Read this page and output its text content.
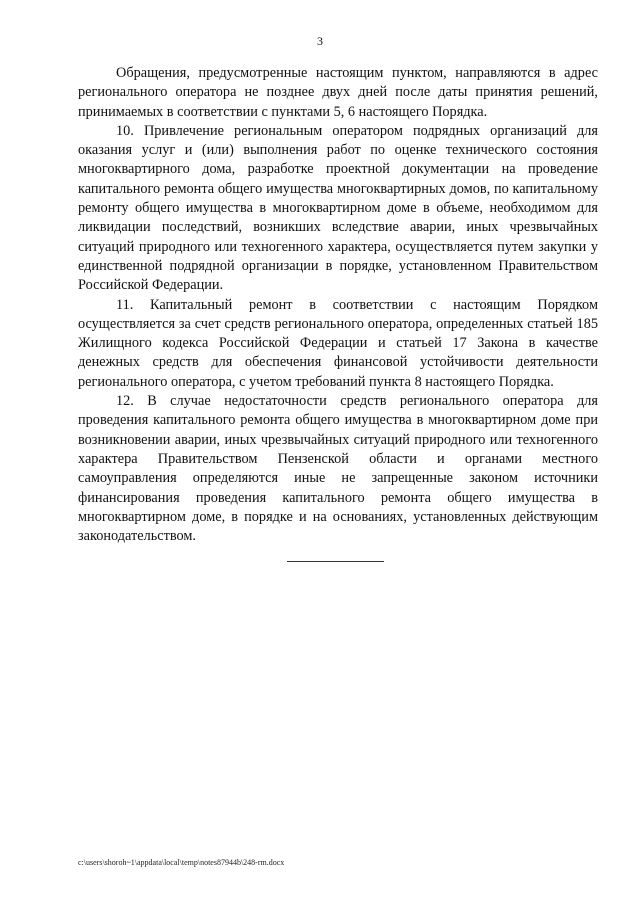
3

Обращения, предусмотренные настоящим пунктом, направляются в адрес регионального оператора не позднее двух дней после даты принятия решений, принимаемых в соответствии с пунктами 5, 6 настоящего Порядка.

10. Привлечение региональным оператором подрядных организаций для оказания услуг и (или) выполнения работ по оценке технического состояния многоквартирного дома, разработке проектной документации на проведение капитального ремонта общего имущества многоквартирных домов, по капитальному ремонту общего имущества в многоквартирном доме в объеме, необходимом для ликвидации последствий, возникших вследствие аварии, иных чрезвычайных ситуаций природного или техногенного характера, осуществляется путем закупки у единственной подрядной организации в порядке, установленном Правительством Российской Федерации.

11. Капитальный ремонт в соответствии с настоящим Порядком осуществляется за счет средств регионального оператора, определенных статьей 185 Жилищного кодекса Российской Федерации и статьей 17 Закона в качестве денежных средств для обеспечения финансовой устойчивости деятельности регионального оператора, с учетом требований пункта 8 настоящего Порядка.

12. В случае недостаточности средств регионального оператора для проведения капитального ремонта общего имущества в многоквартирном доме при возникновении аварии, иных чрезвычайных ситуаций природного или техногенного характера Правительством Пензенской области и органами местного самоуправления определяются иные не запрещенные законом источники финансирования проведения капитального ремонта общего имущества в многоквартирном доме, в порядке и на основаниях, установленных действующим законодательством.

c:\users\shoroh~1\appdata\local\temp\notes87944b\248-rm.docx
